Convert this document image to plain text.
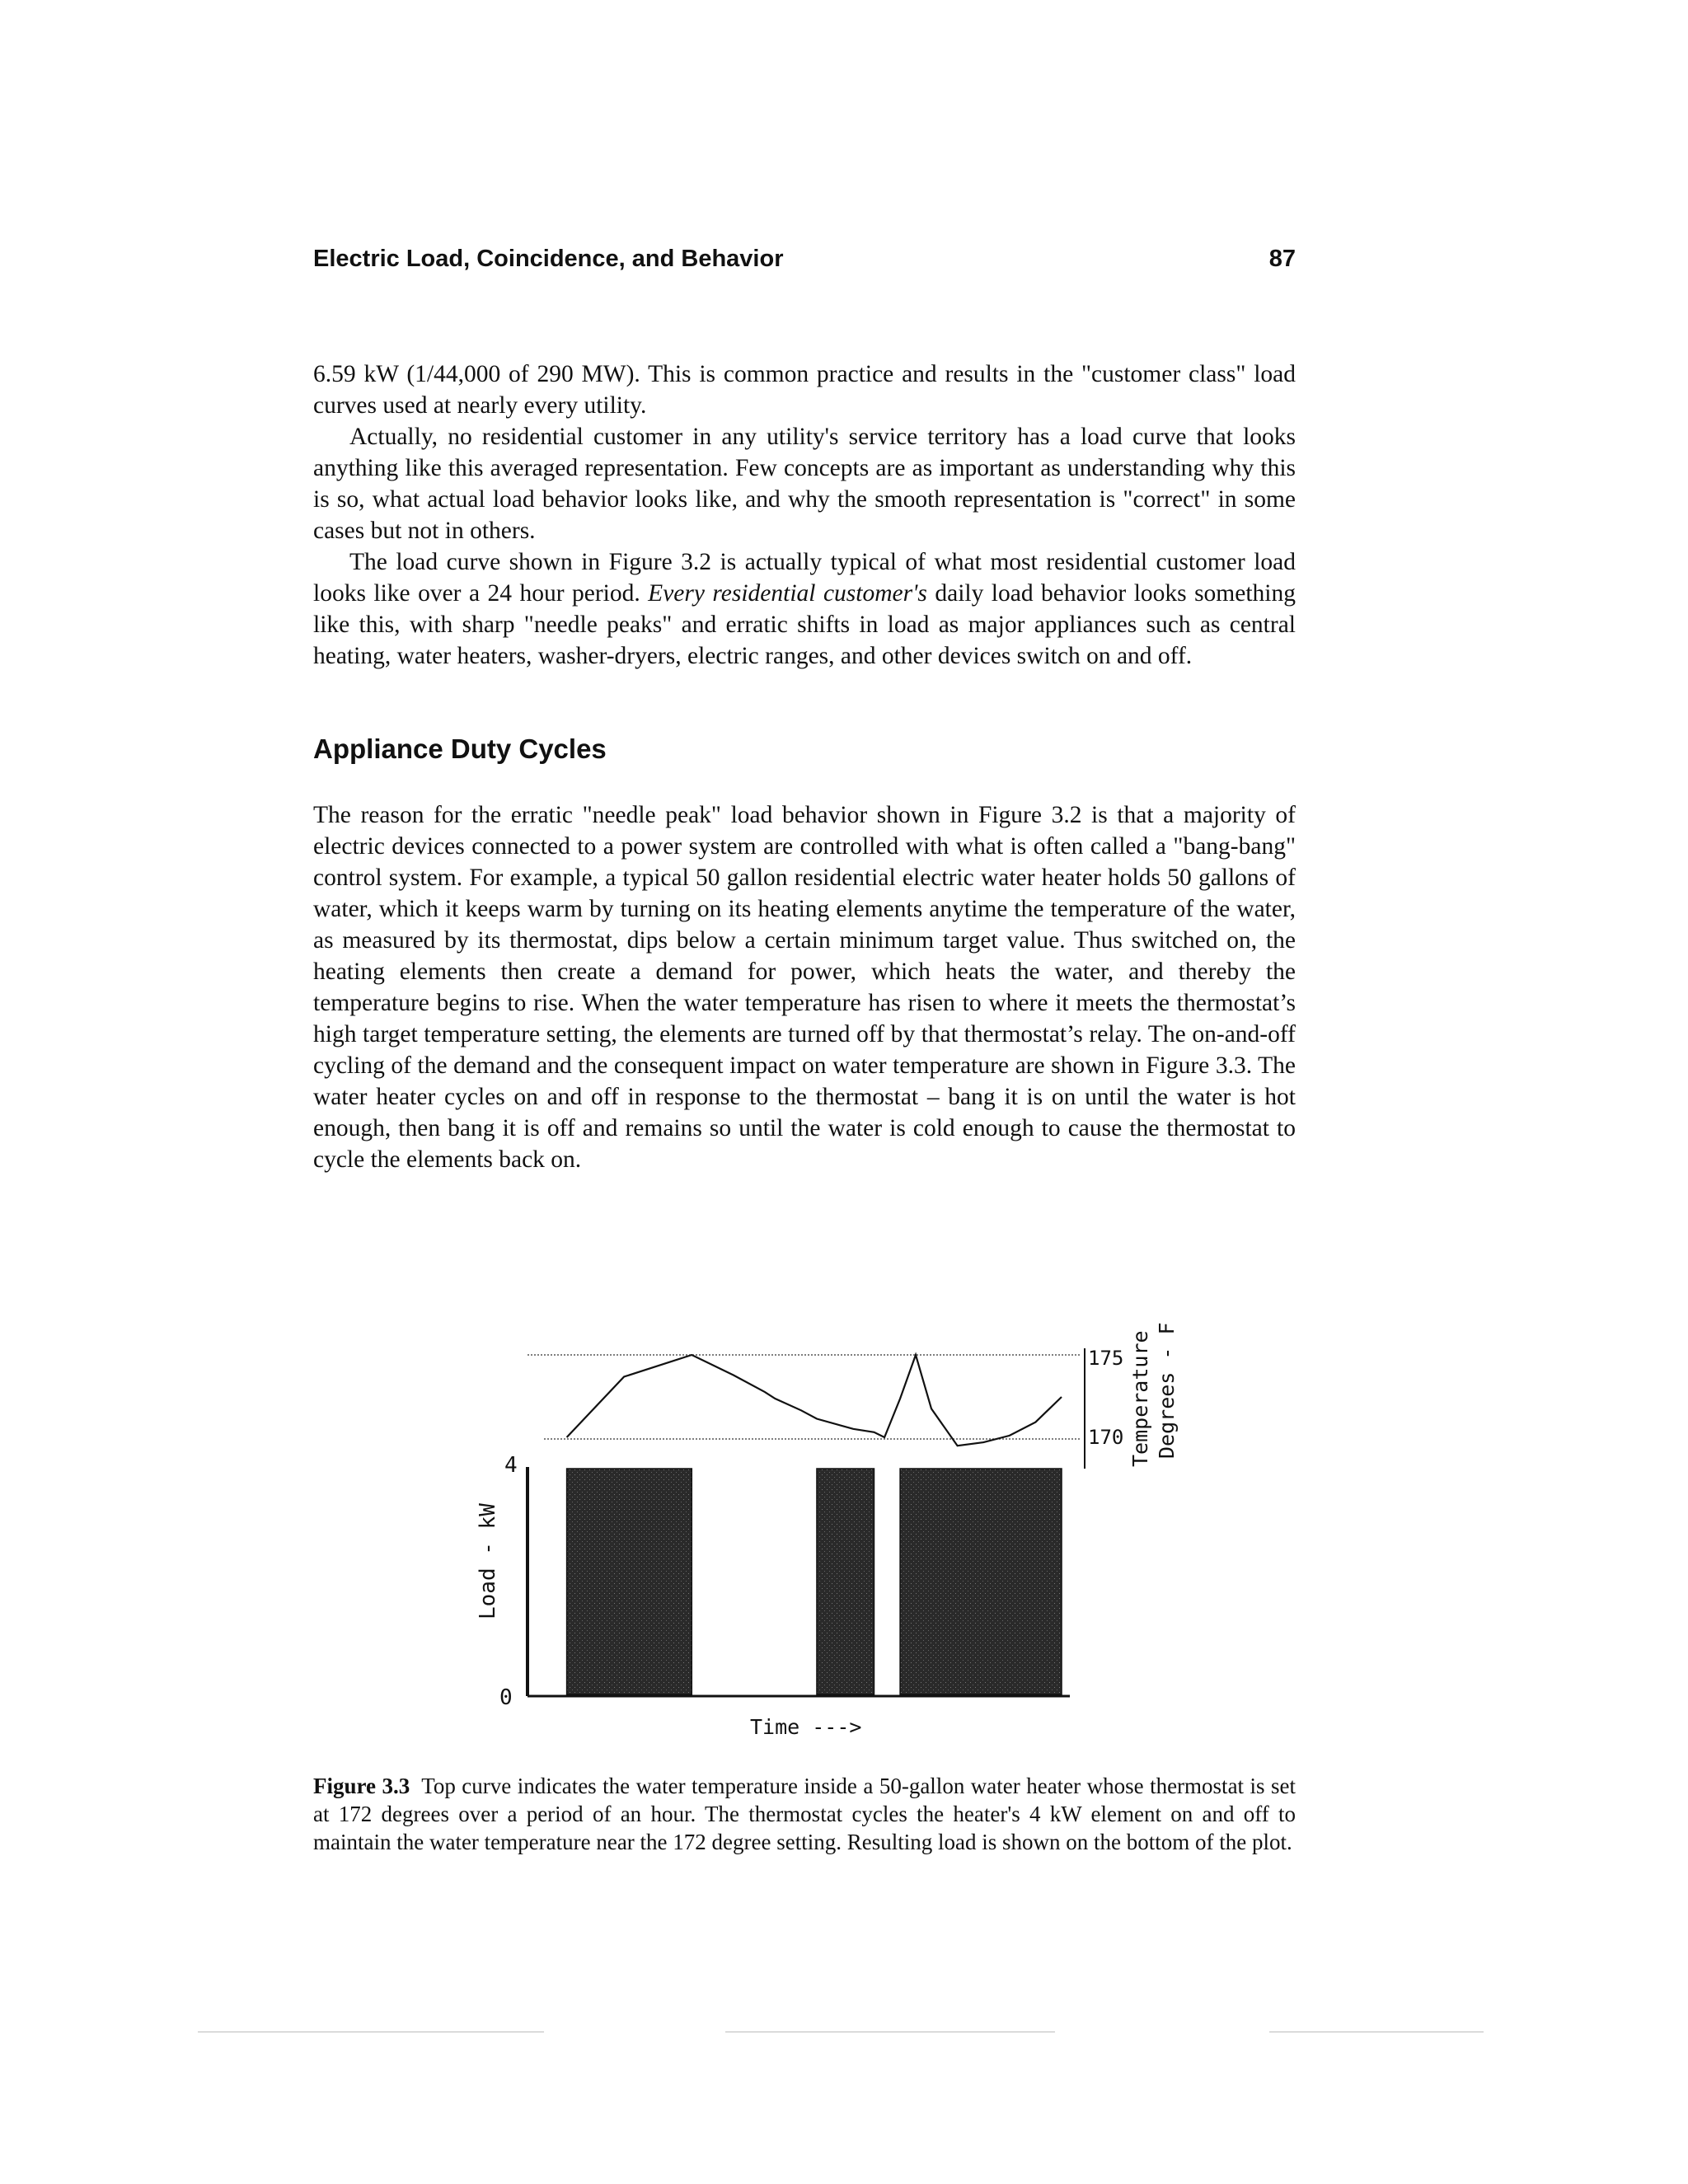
Electric Load, Coincidence, and Behavior	87

6.59 kW (1/44,000 of 290 MW). This is common practice and results in the "customer class" load curves used at nearly every utility.

Actually, no residential customer in any utility's service territory has a load curve that looks anything like this averaged representation. Few concepts are as important as understanding why this is so, what actual load behavior looks like, and why the smooth representation is "correct" in some cases but not in others.

The load curve shown in Figure 3.2 is actually typical of what most residential customer load looks like over a 24 hour period. Every residential customer's daily load behavior looks something like this, with sharp "needle peaks" and erratic shifts in load as major appliances such as central heating, water heaters, washer-dryers, electric ranges, and other devices switch on and off.

Appliance Duty Cycles

The reason for the erratic "needle peak" load behavior shown in Figure 3.2 is that a majority of electric devices connected to a power system are controlled with what is often called a "bang-bang" control system. For example, a typical 50 gallon residential electric water heater holds 50 gallons of water, which it keeps warm by turning on its heating elements anytime the temperature of the water, as measured by its thermostat, dips below a certain minimum target value. Thus switched on, the heating elements then create a demand for power, which heats the water, and thereby the temperature begins to rise. When the water temperature has risen to where it meets the thermostat’s high target temperature setting, the elements are turned off by that thermostat’s relay. The on-and-off cycling of the demand and the consequent impact on water temperature are shown in Figure 3.3. The water heater cycles on and off in response to the thermostat – bang it is on until the water is hot enough, then bang it is off and remains so until the water is cold enough to cause the thermostat to cycle the elements back on.

4
0
Load - kW
175
170 Temperature Degrees - F
Time --->

Figure 3.3 Top curve indicates the water temperature inside a 50-gallon water heater whose thermostat is set at 172 degrees over a period of an hour. The thermostat cycles the heater's 4 kW element on and off to maintain the water temperature near the 172 degree setting. Resulting load is shown on the bottom of the plot.
